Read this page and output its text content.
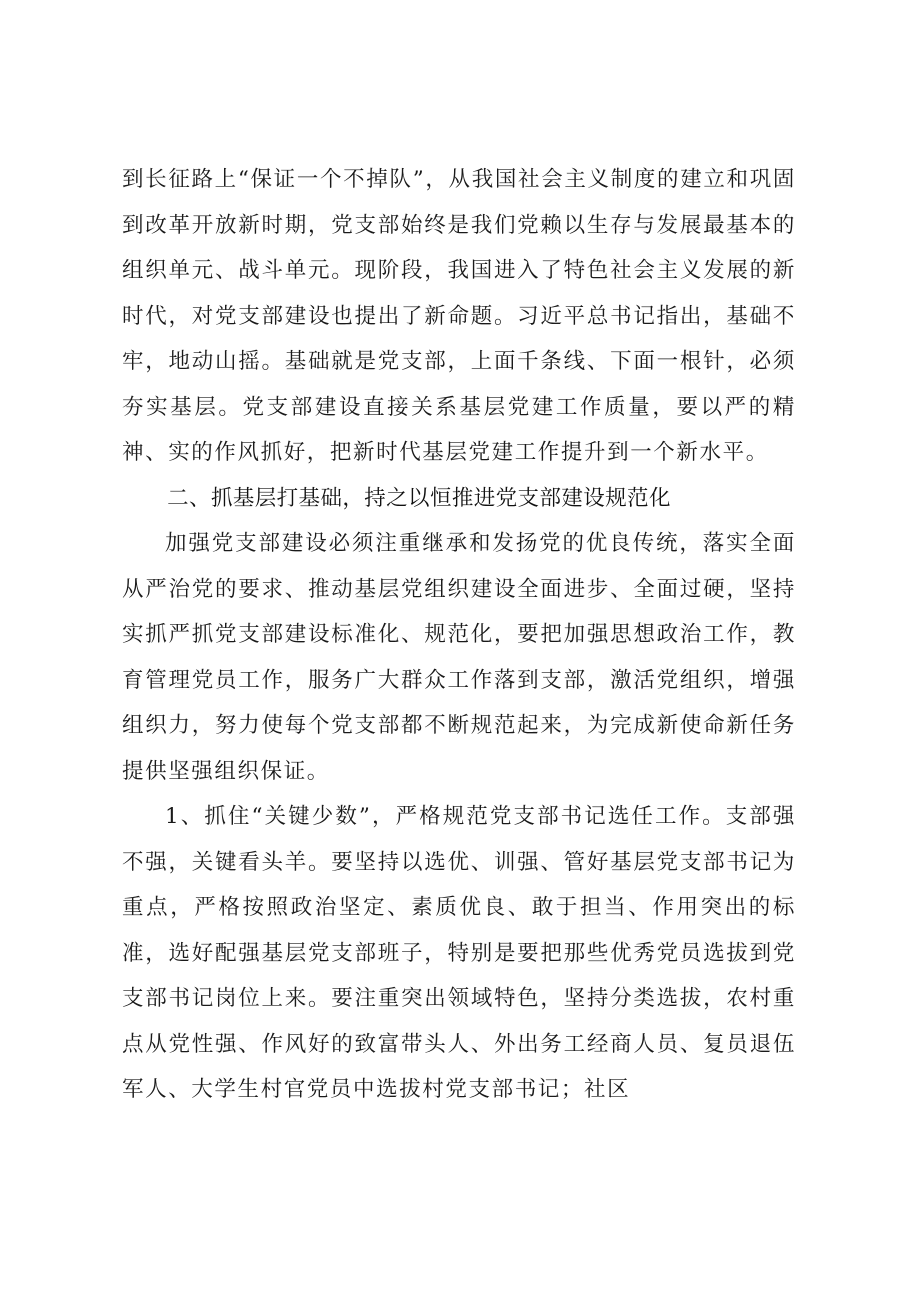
到长征路上“保证一个不掉队”，从我国社会主义制度的建立和巩固到改革开放新时期，党支部始终是我们党赖以生存与发展最基本的组织单元、战斗单元。现阶段，我国进入了特色社会主义发展的新时代，对党支部建设也提出了新命题。习近平总书记指出，基础不牢，地动山摇。基础就是党支部，上面千条线、下面一根针，必须夯实基层。党支部建设直接关系基层党建工作质量，要以严的精神、实的作风抓好，把新时代基层党建工作提升到一个新水平。

二、抓基层打基础，持之以恒推进党支部建设规范化

加强党支部建设必须注重继承和发扬党的优良传统，落实全面从严治党的要求、推动基层党组织建设全面进步、全面过硬，坚持实抓严抓党支部建设标准化、规范化，要把加强思想政治工作，教育管理党员工作，服务广大群众工作落到支部，激活党组织，增强组织力，努力使每个党支部都不断规范起来，为完成新使命新任务提供坚强组织保证。

1、抓住“关键少数”，严格规范党支部书记选任工作。支部强不强，关键看头羊。要坚持以选优、训强、管好基层党支部书记为重点，严格按照政治坚定、素质优良、敢于担当、作用突出的标准，选好配强基层党支部班子，特别是要把那些优秀党员选拔到党支部书记岗位上来。要注重突出领域特色，坚持分类选拔，农村重点从党性强、作风好的致富带头人、外出务工经商人员、复员退伍军人、大学生村官党员中选拔村党支部书记；社区
